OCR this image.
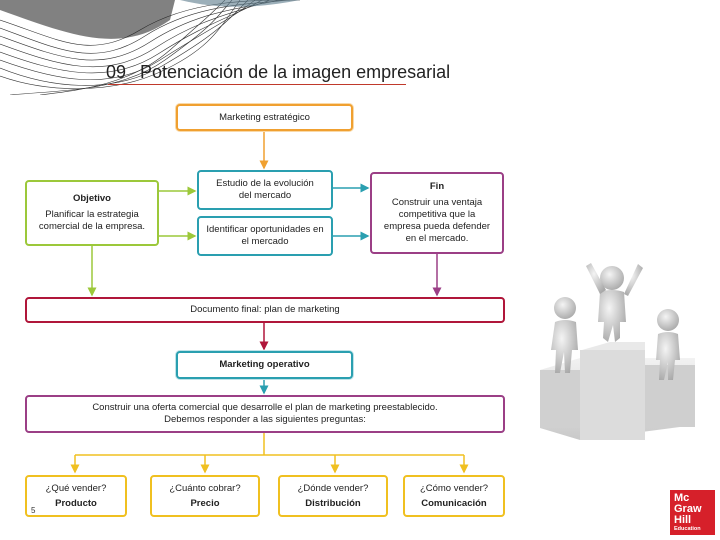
09 Potenciación de la imagen empresarial
Marketing estratégico
Objetivo
Planificar la estrategia comercial de la empresa.
Estudio de la evolución del mercado
Identificar oportunidades en el mercado
Fin
Construir una ventaja competitiva que la empresa pueda defender en el mercado.
Documento final: plan de marketing
Marketing operativo
Construir una oferta comercial que desarrolle el plan de marketing preestablecido.
Debemos responder a las siguientes preguntas:
¿Qué vender?
Producto
¿Cuánto cobrar?
Precio
¿Dónde vender?
Distribución
¿Cómo vender?
Comunicación
5
Mc
Graw
Hill
Education
